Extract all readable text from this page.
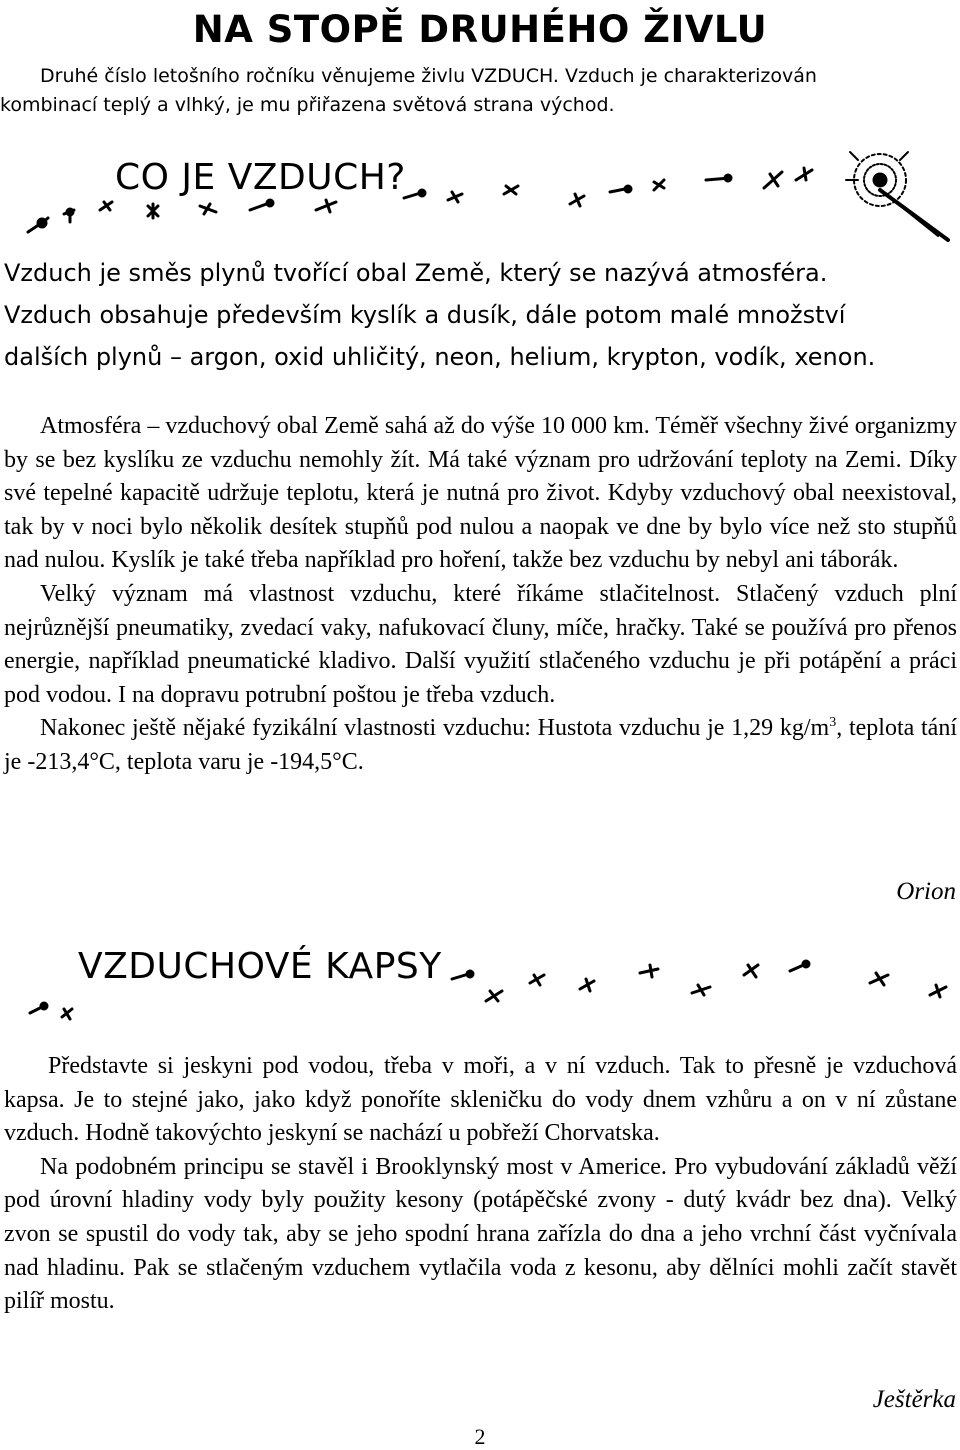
NA STOPĚ DRUHÉHO ŽIVLU
Druhé číslo letošního ročníku věnujeme živlu VZDUCH. Vzduch je charakterizován
kombinací teplý a vlhký, je mu přiřazena světová strana východ.
CO JE VZDUCH?

Vzduch je směs plynů tvořící obal Země, který se nazývá atmosféra.

Vzduch obsahuje především kyslík a dusík, dále potom malé množství

dalších plynů – argon, oxid uhličitý, neon, helium, krypton, vodík, xenon.

Atmosféra – vzduchový obal Země sahá až do výše 10 000 km. Téměř všechny živé organizmy by se bez kyslíku ze vzduchu nemohly žít. Má také význam pro udržování teploty na Zemi. Díky své tepelné kapacitě udržuje teplotu, která je nutná pro život. Kdyby vzduchový obal neexistoval, tak by v noci bylo několik desítek stupňů pod nulou a naopak ve dne by bylo více než sto stupňů nad nulou. Kyslík je také třeba například pro hoření, takže bez vzduchu by nebyl ani táborák.

Velký význam má vlastnost vzduchu, které říkáme stlačitelnost. Stlačený vzduch plní nejrůznější pneumatiky, zvedací vaky, nafukovací čluny, míče, hračky. Také se používá pro přenos energie, například pneumatické kladivo. Další využití stlačeného vzduchu je při potápění a práci pod vodou. I na dopravu potrubní poštou je třeba vzduch.

Nakonec ještě nějaké fyzikální vlastnosti vzduchu: Hustota vzduchu je 1,29 $kg/m^3$, teplota tání je -213,4°C, teplota varu je -194,5°C.

Orion
VZDUCHOVÉ KAPSY

Představte si jeskyni pod vodou, třeba v moři, a v ní vzduch. Tak to přesně je vzduchová kapsa. Je to stejné jako, jako když ponoříte skleničku do vody dnem vzhůru a on v ní zůstane vzduch. Hodně takovýchto jeskyní se nachází u pobřeží Chorvatska.

Na podobném principu se stavěl i Brooklynský most v Americe. Pro vybudování základů věží pod úrovní hladiny vody byly použity kesony (potápěčské zvony - dutý kvádr bez dna). Velký zvon se spustil do vody tak, aby se jeho spodní hrana zařízla do dna a jeho vrchní část vyčnívala nad hladinu. Pak se stlačeným vzduchem vytlačila voda z kesonu, aby dělníci mohli začít stavět pilíř mostu.

Ještěrka
2
